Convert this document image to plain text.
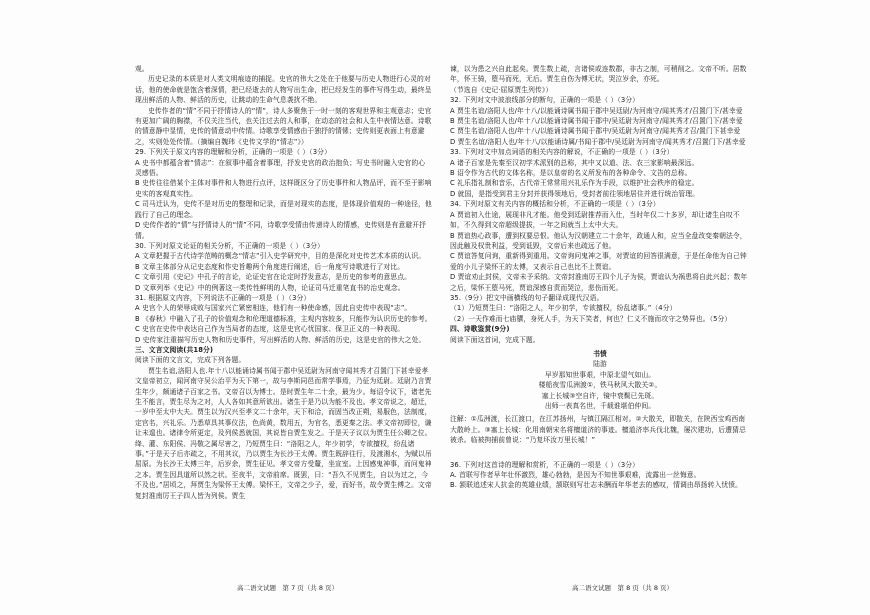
观。

历史记录的本质是对人类文明痕迹的捕捉。史官的伟大之处在于他要与历史人物进行心灵的对话，他的使命就是饱含着深情，把已经逝去的人物写出生命，把已经发生的事件写得生动，最终呈现出鲜活的人物、鲜活的历史，让跳动的生命气息袭扰不绝。

史传作者的“情”不同于抒情诗人的“情”，诗人多聚焦于一时一刻的客观世界和主观意志；史官有更加广阔的胸襟，不仅关注当代，也关注过去的人和事，在动态的社会和人生中表情达意。诗歌的情意静中显情，史传的情意动中传情。诗歌享受情感由于独抒的情愫；史传则更表面上有意避之，实则处处传情。（摘编自魏玮《史传文学的“情志”》）

29. 下列关于原文内容的理解和分析，正确的一项是（ ）（3分）

A 史书中都蕴含着“情志”：在叙事中蕴含着事理，抒发史官的政治抱负；写史书时融入史官的心灵感悟。

B 史传往往借某个主体对事件和人物进行点评，这样既区分了历史事件和人物品评，而不至于影响史实的客观真实性。

C 司马迁认为，史传不是对历史的整理和记录，而是对现实的态度，是体现价值观的一种途径，他践行了自己的理念。

D 史传作者的“情”与抒情诗人的“情”不同，诗歌享受情由传递诗人的情感，史传则是有意避开抒情。

30. 下列对原文论证的相关分析，不正确的一项是（ ）（3分）

A 文章把握于古代诗学范畴的概念“情志”引入史学研究中，目的是深化对史传艺术本质的认识。

B 文章主体部分从记史态度和作史旨趣两个角度进行阐述，后一角度写诗歌进行了对比。

C 文章引用《史记》中孔子的言论，论证史官在论定时抒发意志，是历史的参考的意思点。

D 文章列举《史记》中的例著这一类传性鲜明的人物，论证司马迁重笔直书的治史观念。

31. 根据原文内容，下列说法不正确的一项是（ ）（3分）

A 史官个人的荣辱成败与国家兴亡紧密相连，他们有一种使命感，因此自史传中表现“志”。

B 《春秋》中融入了孔子的价值观念和伦理道德标准，主观内容较多，只能作为认识历史的参考。

C 史官在史传中表达自己作为当局者的态度，这是史官心忧国家、保卫正义的一种表现。

D 史传家注重描写历史人物和历史事件，写出鲜活的人物、鲜活的历史，这是史官的伟大之处。

三、文言文阅读(共18分)

阅读下面的文言文，完成下列各题。

贾生名谊,洛阳人也.年十八以能诵诗属书闻于郡中吴廷尉为河南守闻其秀才召置门下甚幸爱孝文皇帝初立，闻河南守吴公治平为天下第一，故与李斯同邑而常学事焉，乃征为廷尉。廷尉乃言贾生年少，颇通诸子百家之书。文帝召以为博士。是时贾生年二十余，最为少。每诏令议下，诸老先生不能言，贾生尽为之对，人人各如其意所欲出。诸生于是乃以为能不及也。孝文帝说之，超迁，一岁中至太中大夫。贾生以为汉兴至孝文二十余年，天下和洽，而固当改正朔，易服色，法制度，定官名，兴礼乐。乃悉草具其事仪法，色尚黄，数用五，为官名，悉更秦之法。孝文帝初即位，谦让未遑也。诸律令所更定，及列侯悉就国，其说皆自贾生发之。于是天子议以为贾生任公卿之位。绛、灌、东阳侯、冯敬之属尽害之，乃短贾生曰：“洛阳之人，年少初学，专欲擅权，纷乱诸事。”于是天子后亦疏之，不用其议，乃以贾生为长沙王太傅。贾生既辞往行，及渡湘水，为赋以吊屈原。为长沙王太傅三年，后岁余，贾生征见。孝文帝方受釐，坐宣室。上因感鬼神事，而问鬼神之本。贾生因具道所以然之状。至夜半，文帝前席。既罢，曰：“吾久不见贾生，自以为过之，今不及也。”居顷之，拜贾生为梁怀王太傅。梁怀王，文帝之少子，爱，而好书，故令贾生傅之。文帝复封淮南厉王子四人皆为列侯。贾生

谏，以为患之兴自此起矣。贾生数上疏，言诸侯或连数郡，非古之制，可稍削之。文帝不听。居数年，怀王骑，堕马而死，无后。贾生自伤为傅无状，哭泣岁余，亦死。

（节选自《史记·屈原贾生列传》）

32. 下列对文中波浪线部分的断句，正确的一项是（ ）（3分）

A 贾生名谊/洛阳人也/年十八/以能诵诗属书闻于郡中吴廷尉/为河南守/闻其秀才/召置门下/甚幸爱

B 贾生名谊/洛阳人也/年十八/以能诵诗属书闻于郡中/吴廷尉为河南守/闻其秀才/召置门下/甚幸爱

C 贾生名谊/洛阳人也/年十八/以能诵诗属书闻于郡中/吴廷尉为河南守/闻其秀才召/置门下甚幸爱

D 贾生名谊/洛阳人也/年十八/以能诵诗属/书闻于郡中/吴廷尉为河南守/闻其秀才/召置门下/甚幸爱

33. 下列对文中加点词语的相关内容的解说，不正确的一项是（ ）（3分）

A 诸子百家是先秦至汉初学术派别的总称，其中又以道、法、农三家影响最深远。

B 诏令作为古代的文体名称，是以皇帝的名义所发布的各种命令、文告的总称。

C 礼乐指礼制和音乐，古代帝王常常用兴礼乐作为手段，以维护社会秩序的稳定。

D 就国，是指受到君主分封并获得领地后，受封者前往领地居住并进行统治管理。

34. 下列对原文有关内容的概括和分析，不正确的一项是（ ）（3分）

A 贾谊初入仕途，展现非凡才能。他受到廷尉推荐而入仕，当时年仅二十多岁，却让诸生自叹不如，不久得到文帝超级提拔，一年之间就当上太中大夫。

B 贾谊热心政事，遭到权要忌恨。他认为汉朝建立二十余年，政通人和，应当全盘改变秦朝法令，因此触及权贵利益，受到诋毁，文帝后来也疏远了他。

C 贾谊答复问询，重新得到重用。文帝询问鬼神之事，对贾谊的回答很满意，于是任命他为自己钟爱的小儿子梁怀王的太傅，又表示自己也比不上贾谊。

D 贾谊劝止封侯，文帝未予采纳。文帝封淮南厉王四个儿子为侯，贾谊认为祸患将自此兴起；数年之后，梁怀王堕马死，贾谊深感自责而哭泣，悲伤而死。

35.（9分）把文中画横线的句子翻译成现代汉语。

（1）乃短贾生曰：“洛阳之人，年少初学，专欲擅权，纷乱诸事。”（4分）

（2）一天作难而七庙隳，身死人手，为天下笑者，何也？仁义不施而攻守之势异也。（5分）

四、诗歌鉴赏(9分)

阅读下面这首词，完成下题。

书愤

陆游

早岁那知世事艰，中原北望气如山。

楼船夜雪瓜洲渡①，铁马秋风大散关②。

塞上长城③空自许，镜中衰鬓已先斑。

出师一表真名世，千载谁堪伯仲间。

注解：①瓜洲渡，长江渡口，在江苏扬州，与镇江隔江相对。②大散关，即散关，在陕西宝鸡西南大散岭上。③塞上长城：化用南朝宋名将檀道济的事迹。檀道济率兵伐北魏，屡次建功，后遭猜忌被杀。临被拘捕前曾说：“乃复坏汝万里长城！”

36. 下列对这首诗的理解和赏析，不正确的一项是（ ）（3分）

A. 首联写作者早年壮怀激烈，雄心勃勃，是因为不知世事艰难，流露出一丝悔意。

B. 颔联追述宋人抗金的英雄业绩，颔联则写壮志未酬而年华老去的感叹，情调由昂扬转入忧愤。

高二语文试题　第 7 页（共 8 页）	高二语文试题　第 8 页（共 8 页）
